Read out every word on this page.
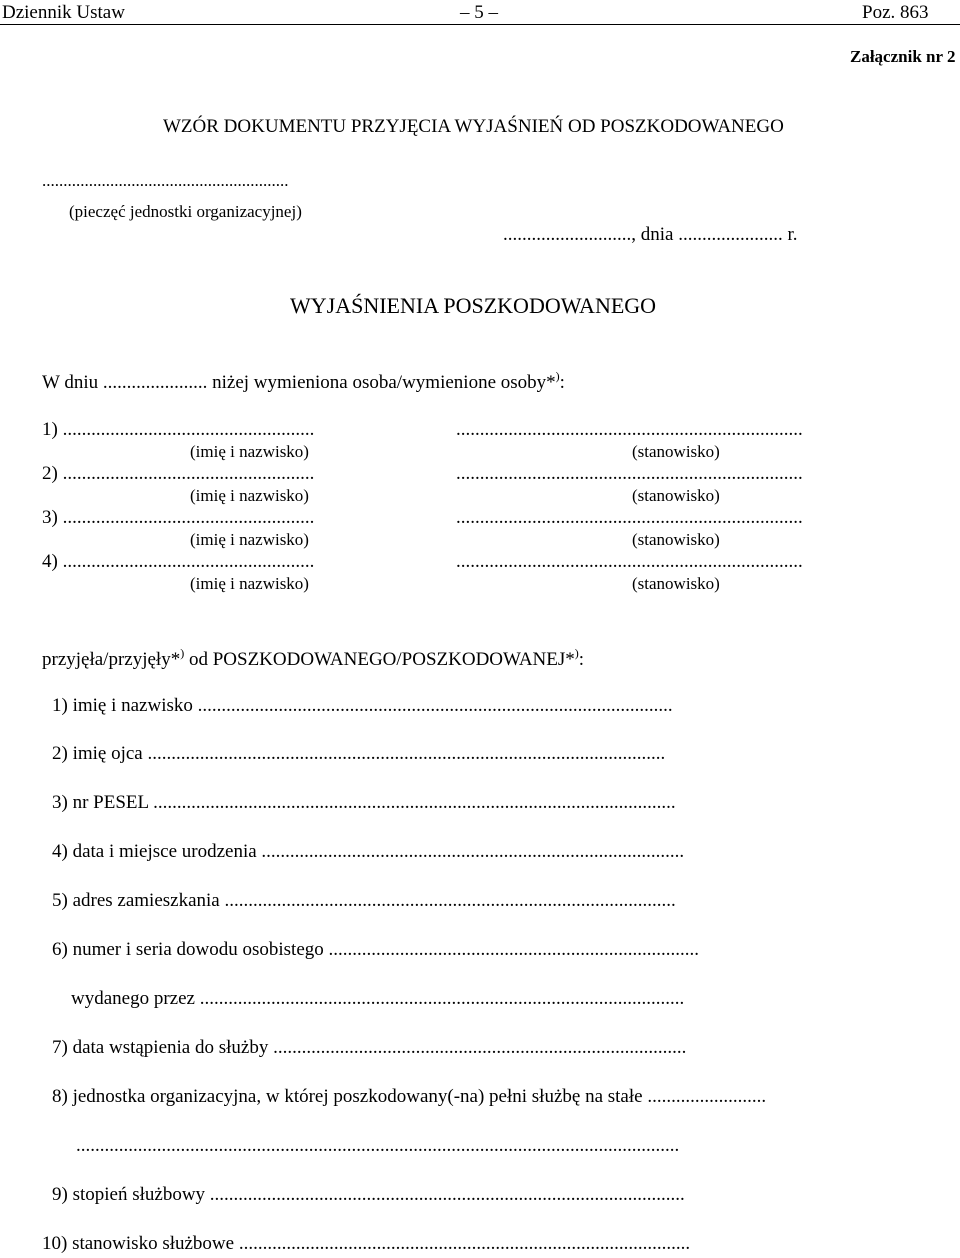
Dziennik Ustaw	– 5 –	Poz. 863
Załącznik nr 2
WZÓR DOKUMENTU PRZYJĘCIA WYJAŚNIEŃ OD POSZKODOWANEGO
..........................................................
(pieczęć jednostki organizacyjnej)
..........................., dnia ...................... r.
WYJAŚNIENIA POSZKODOWANEGO
W dniu ...................... niżej wymieniona osoba/wymienione osoby*):
1) .....................................................	.........................................................................
(imię i nazwisko)	(stanowisko)
2) .....................................................	.........................................................................
(imię i nazwisko)	(stanowisko)
3) .....................................................	.........................................................................
(imię i nazwisko)	(stanowisko)
4) .....................................................	.........................................................................
(imię i nazwisko)	(stanowisko)
przyjęła/przyjęły*) od POSZKODOWANEGO/POSZKODOWANEJ*):
1) imię i nazwisko ....................................................................................................
2) imię ojca .............................................................................................................
3) nr PESEL ..............................................................................................................
4) data i miejsce urodzenia .........................................................................................
5) adres zamieszkania ...............................................................................................
6) numer i seria dowodu osobistego ..............................................................................
wydanego przez ......................................................................................................
7) data wstąpienia do służby .......................................................................................
8) jednostka organizacyjna, w której poszkodowany(-na) pełni służbę na stałe .........................
...............................................................................................................................
9) stopień służbowy ....................................................................................................
10) stanowisko służbowe ...............................................................................................
